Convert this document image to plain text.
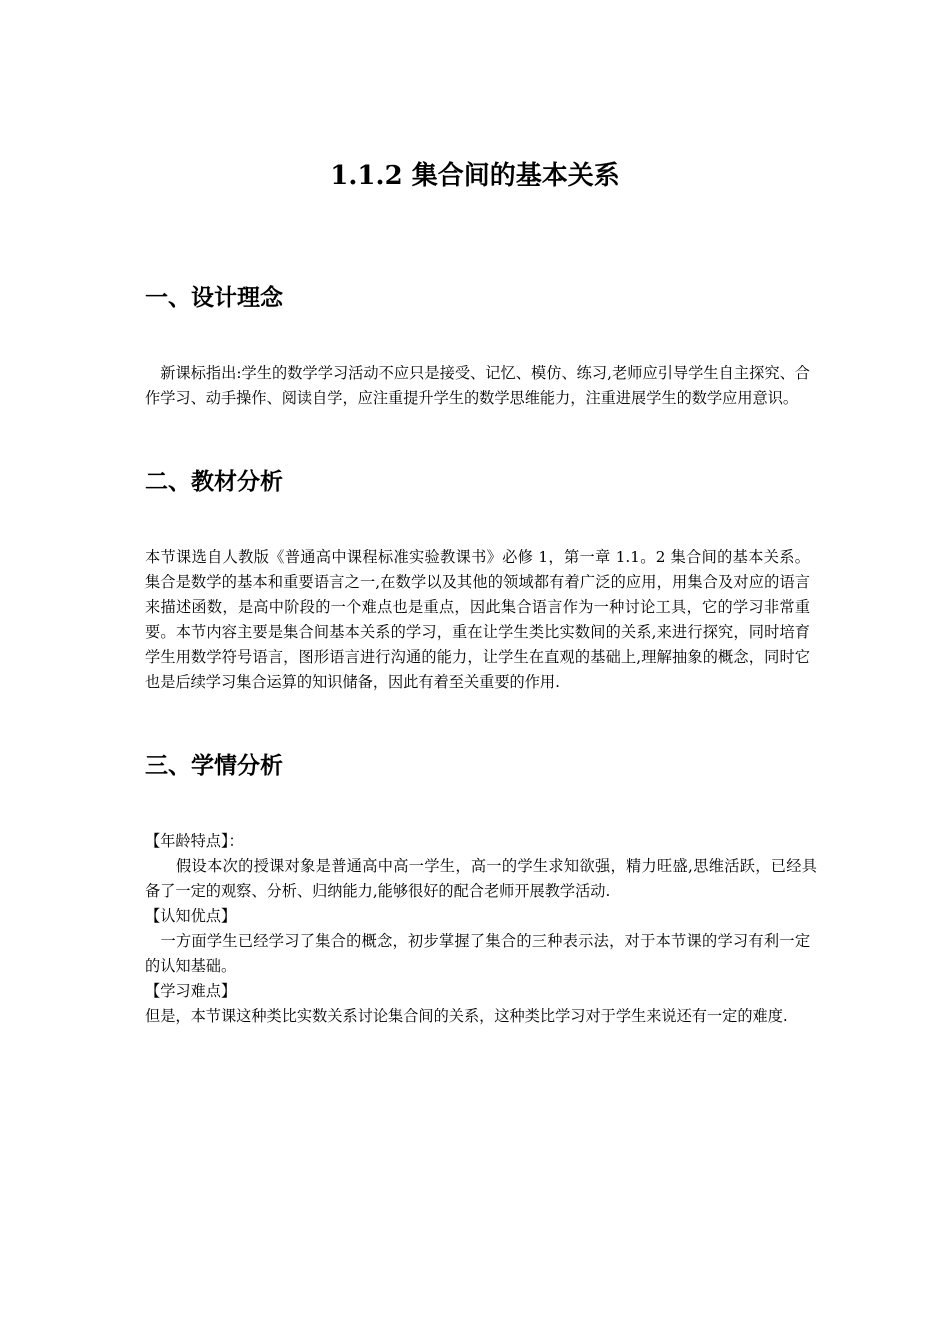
1.1.2 集合间的基本关系
一、设计理念
　新课标指出:学生的数学学习活动不应只是接受、记忆、模仿、练习,老师应引导学生自主探究、合作学习、动手操作、阅读自学，应注重提升学生的数学思维能力，注重进展学生的数学应用意识。
二、教材分析
本节课选自人教版《普通高中课程标准实验教课书》必修 1，第一章 1.1。2 集合间的基本关系。集合是数学的基本和重要语言之一,在数学以及其他的领域都有着广泛的应用，用集合及对应的语言来描述函数，是高中阶段的一个难点也是重点，因此集合语言作为一种讨论工具，它的学习非常重要。本节内容主要是集合间基本关系的学习，重在让学生类比实数间的关系,来进行探究，同时培育学生用数学符号语言，图形语言进行沟通的能力，让学生在直观的基础上,理解抽象的概念，同时它也是后续学习集合运算的知识储备，因此有着至关重要的作用.
三、学情分析
【年龄特点】：
　　假设本次的授课对象是普通高中高一学生，高一的学生求知欲强，精力旺盛,思维活跃，已经具备了一定的观察、分析、归纳能力,能够很好的配合老师开展教学活动.
【认知优点】
　一方面学生已经学习了集合的概念，初步掌握了集合的三种表示法，对于本节课的学习有利一定的认知基础。
【学习难点】
但是，本节课这种类比实数关系讨论集合间的关系，这种类比学习对于学生来说还有一定的难度.
